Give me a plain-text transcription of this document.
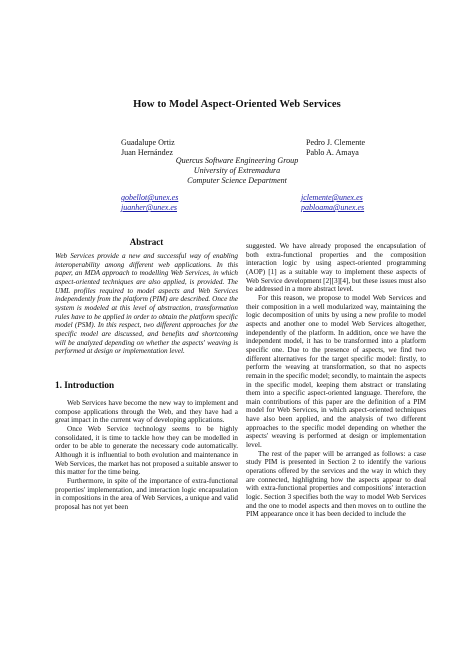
How to Model Aspect-Oriented Web Services
Guadalupe Ortiz
Juan Hernández
Pedro J. Clemente
Pablo A. Amaya
Quercus Software Engineering Group
University of Extremadura
Computer Science Department
gobellot@unex.es
juanher@unex.es
jclemente@unex.es
pabloama@unex.es
Abstract

Web Services provide a new and successful way of enabling interoperability among different web applications. In this paper, an MDA approach to modelling Web Services, in which aspect-oriented techniques are also applied, is provided. The UML profiles required to model aspects and Web Services independently from the platform (PIM) are described. Once the system is modeled at this level of abstraction, transformation rules have to be applied in order to obtain the platform specific model (PSM). In this respect, two different approaches for the specific model are discussed, and benefits and shortcoming will be analyzed depending on whether the aspects' weaving is performed at design or implementation level.

1. Introduction

Web Services have become the new way to implement and compose applications through the Web, and they have had a great impact in the current way of developing applications.

Once Web Service technology seems to be highly consolidated, it is time to tackle how they can be modelled in order to be able to generate the necessary code automatically. Although it is influential to both evolution and maintenance in Web Services, the market has not proposed a suitable answer to this matter for the time being.

Furthermore, in spite of the importance of extra-functional properties' implementation, and interaction logic encapsulation in compositions in the area of Web Services, a unique and valid proposal has not yet been

suggested. We have already proposed the encapsulation of both extra-functional properties and the composition interaction logic by using aspect-oriented programming (AOP) [1] as a suitable way to implement these aspects of Web Service development [2][3][4], but these issues must also be addressed in a more abstract level.

For this reason, we propose to model Web Services and their composition in a well modularized way, maintaining the logic decomposition of units by using a new profile to model aspects and another one to model Web Services altogether, independently of the platform. In addition, once we have the independent model, it has to be transformed into a platform specific one. Due to the presence of aspects, we find two different alternatives for the target specific model: firstly, to perform the weaving at transformation, so that no aspects remain in the specific model; secondly, to maintain the aspects in the specific model, keeping them abstract or translating them into a specific aspect-oriented language. Therefore, the main contributions of this paper are the definition of a PIM model for Web Services, in which aspect-oriented techniques have also been applied, and the analysis of two different approaches to the specific model depending on whether the aspects' weaving is performed at design or implementation level.

The rest of the paper will be arranged as follows: a case study PIM is presented in Section 2 to identify the various operations offered by the services and the way in which they are connected, highlighting how the aspects appear to deal with extra-functional properties and compositions' interaction logic. Section 3 specifies both the way to model Web Services and the one to model aspects and then moves on to outline the PIM appearance once it has been decided to include the
